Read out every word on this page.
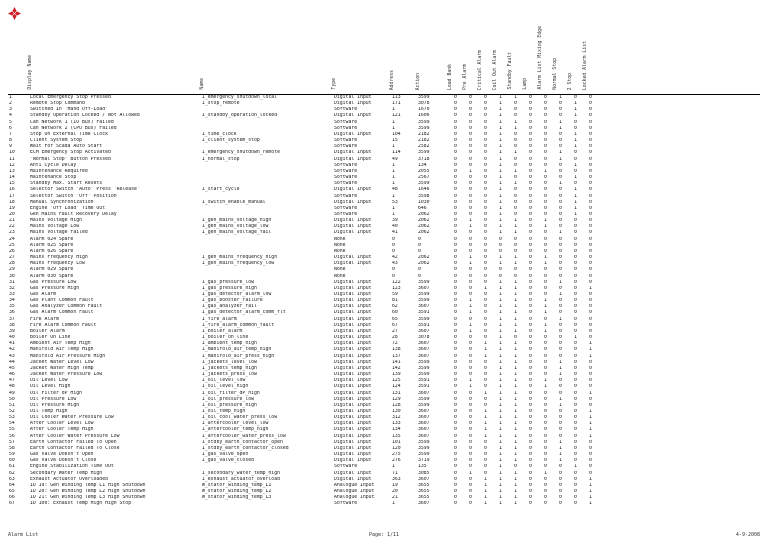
	Display Name	Name	Type	Address	Action	Load Bank	Pre Alarm	Critical Alarm	Coil Out Alarm	Standby Fault	Lamp	Alarm List Mixing Edge	Normal Stop	2 Stop	Locked Alarm List	
1	Local Emergency Stop Pressed	I_emergency_shutdown_local	Digital Input	113	3599	0	0	0	1	1	0	0	1	0	0	
2	Remote Stop Command	I_stop_remote	Digital Input	171	3078	0	0	0	1	0	0	0	0	1	0	
3	Switched In 'Hand Off-Load'		Software	1	1670	0	0	0	1	0	0	0	0	1	0	
4	Standby Operation Locked / Not Allowed	I_standby_operation_locked	Digital Input	121	1606	0	0	0	1	0	0	0	0	1	0	
5	Can Network 1 (IO Bus) Failed		Software	1	3599	0	0	0	1	1	0	0	1	0	0	
6	Can Network 2 (CPU Bus) Failed		Software	1	3599	0	0	0	1	1	0	0	1	0	0	
7	Stop On External Time Clock	I_time_clock	Digital Input	104	2182	0	0	0	1	0	0	0	0	1	0	
8	Client System Stop	I_client_system_stop	Software	15	2182	0	0	0	1	0	0	0	0	1	0	
9	Wait For Scada Auto Start		Software	1	2582	0	0	0	1	0	0	0	0	1	0	
10	ECM Emergency Stop Activated	I_emergency_shutdown_remote	Digital Input	114	3599	0	0	0	1	1	0	0	1	0	0	
11	'Normal Stop' Button Pressed	I_normal_stop	Digital Input	49	3718	0	0	0	1	0	0	0	1	0	0	
12	Anti Cycle Delay		Software	1	134	0	0	0	1	0	0	0	0	1	0	
13	Maintenance Required		Software	1	2055	0	1	0	1	1	0	1	0	0	0	
14	Maintenance Stop		Software	1	2567	0	0	0	1	0	0	0	0	1	0	
15	Standby Max. Start Resets		Software	1	3599	0	0	0	1	1	0	0	1	0	0	
16	Selector Switch 'Auto' Press 'Release'	I_start_cycle	Digital Input	48	1646	0	0	0	1	0	0	0	0	1	0	
17	Selector Switch 'Off' Position		Software	1	3598	0	0	0	1	0	0	0	0	1	0	
18	Manual Synchronization	I_switch_enable_manual	Digital Input	53	1030	0	0	0	1	0	0	0	0	1	0	
19	Engine 'Off Load' Time Out		Software	1	646	0	0	0	1	0	0	0	0	1	0	
20	Gen Mains Fault Recovery Delay		Software	1	2062	0	0	0	1	0	0	0	0	1	0	
21	Mains Voltage High	I_gen_mains_voltage_high	Digital Input	39	2062	0	1	0	1	1	0	1	0	0	0	
22	Mains Voltage Low	I_gen_mains_voltage_low	Digital Input	40	2062	0	1	0	1	1	0	1	0	0	0	
23	Mains Voltage Failed	I_gen_mains_voltage_fail	Digital Input	41	2062	0	0	0	1	1	0	0	1	0	0	
24	Alarm 024 Spare		None	0	0	0	0	0	0	0	0	0	0	0	0	
25	Alarm 025 Spare		None	0	0	0	0	0	0	0	0	0	0	0	0	
26	Alarm 026 Spare		None	0	0	0	0	0	0	0	0	0	0	0	0	
27	Mains Frequency High	I_gen_mains_frequency_high	Digital Input	42	2062	0	1	0	1	1	0	1	0	0	0	
28	Mains Frequency Low	I_gen_mains_frequency_low	Digital Input	43	2062	0	1	0	1	1	0	1	0	0	0	
29	Alarm 029 Spare		None	0	0	0	0	0	0	0	0	0	0	0	0	
30	Alarm 030 Spare		None	0	0	0	0	0	0	0	0	0	0	0	0	
31	Gas Pressure Low	I_gas_pressure_low	Digital Input	122	3599	0	0	0	1	1	0	0	1	0	0	
32	Gas Pressure High	I_gas_pressure_high	Digital Input	123	3607	0	0	1	1	1	0	0	0	0	1	
33	Gas Alarm	I_gas_detector_alarm_low	Digital Input	59	3599	0	0	0	1	1	0	0	1	0	0	
34	Gas Plant Common Fault	I_gas_booster_failure	Digital Input	81	3599	0	1	0	1	1	0	1	0	0	0	
35	Gas Analyzer Common Fault	I_gas_analyzer_fail	Digital Input	62	3607	0	1	0	1	1	0	1	0	0	0	
36	Gas Alarm Common Fault	I_gas_detector_alarm_comm_flt	Digital Input	60	3591	0	1	0	1	1	0	1	0	0	0	
37	Fire Alarm	I_fire_alarm	Digital Input	65	3599	0	0	0	1	1	0	0	1	0	0	
38	Fire Alarm Common Fault	I_fire_alarm_common_fault	Digital Input	67	3591	0	1	0	1	1	0	1	0	0	0	
39	Boiler Alarm	I_boiler_alarm	Digital Input	27	3607	0	1	0	1	1	0	1	0	0	0	
40	Boiler On Line	I_boiler_on_line	Digital Input	28	3078	0	0	0	1	0	0	0	0	1	0	
41	Ambient Air Temp High	I_ambient_temp_high	Digital Input	72	3607	0	0	1	1	1	0	0	0	0	1	
42	Manifold Air Temp High	I_manifold_air_temp_high	Digital Input	138	3607	0	0	1	1	1	0	0	0	0	1	
43	Manifold Air Pressure High	I_manifold_air_press_high	Digital Input	137	3607	0	0	1	1	1	0	0	0	0	1	
44	Jacket Water Level Low	I_jackets_level_low	Digital Input	141	3599	0	0	0	1	1	0	0	1	0	0	
45	Jacket Water High Temp	I_jackets_temp_high	Digital Input	142	3599	0	0	0	1	1	0	0	1	0	0	
46	Jacket Water Pressure Low	I_jackets_press_low	Digital Input	139	3599	0	0	0	1	1	0	0	1	0	0	
47	Oil Level Low	I_oil_level_low	Digital Input	125	3591	0	1	0	1	1	0	1	0	0	0	
48	Oil Level High	I_oil_level_high	Digital Input	124	3591	0	1	0	1	1	0	1	0	0	0	
49	Oil Filter dP High	I_oil_filter_dP_high	Digital Input	131	3607	0	0	1	1	1	0	0	0	0	1	
50	Oil Pressure Low	I_oil_pressure_low	Digital Input	129	3599	0	0	0	1	1	0	0	1	0	0	
51	Oil Pressure High	I_oil_pressure_high	Digital Input	128	3599	0	0	0	1	1	0	0	1	0	0	
52	Oil Temp High	I_oil_temp_high	Digital Input	130	3607	0	0	1	1	1	0	0	0	0	1	
53	Oil Cooler Water Pressure Low	I_oil_cool_water_press_low	Digital Input	312	3607	0	0	1	1	1	0	0	0	0	1	
54	After Cooler Level Low	I_aftercooler_level_low	Digital Input	133	3607	0	0	1	1	1	0	0	0	0	1	
55	After Cooler Temp High	I_aftercooler_temp_high	Digital Input	134	3607	0	0	1	1	1	0	0	0	0	1	
56	After Cooler Water Pressure Low	I_aftercooler_water_press_low	Digital Input	135	3607	0	0	1	1	1	0	0	0	0	1	
57	Earth Contactor Failed To Open	I_stdby_earth_contactor_open	Digital Input	101	3599	0	0	0	1	1	0	0	1	0	0	
58	Earth Contactor Failed To Close	I_stdby_earth_contactor_closed	Digital Input	120	3599	0	0	0	1	1	0	0	1	0	0	
59	Gas Valve Doesn't Open	I_gas_valve_open	Digital Input	275	3599	0	0	0	1	1	0	0	1	0	0	
60	Gas Valve Doesn't Close	I_gas_valve_closed	Digital Input	276	3719	0	0	0	1	1	0	0	1	0	0	
61	Engine Stabilization Time Out		Software	1	135	0	0	0	1	0	0	0	0	1	0	
62	Secondary Water Temp High	I_secondary_water_temp_high	Digital Input	71	3085	0	1	0	1	1	0	1	0	0	0	
63	Exhaust Actuator Overloaded	I_exhaust_actuator_overload	Digital Input	363	3607	0	0	1	1	1	0	0	0	0	1	
64	ID 19: Gen Winding Temp L1 High Shutdown	W_stator_winding_temp_L1	Analogue Input	19	3655	0	0	1	1	1	0	0	0	0	1	
65	ID 20: Gen Winding Temp L2 High Shutdown	W_stator_winding_temp_L2	Analogue Input	20	3655	0	0	1	1	1	0	0	0	0	1	
66	ID 21: Gen Winding Temp L3 High Shutdown	W_stator_winding_temp_L3	Analogue Input	21	3655	0	0	1	1	1	0	0	0	0	1	
67	ID 100: Exhaust Temp High High Stop		Software	1	3607	0	0	1	1	1	0	0	0	0	1	
Alarm List	Page: 1/11	4-9-2008
